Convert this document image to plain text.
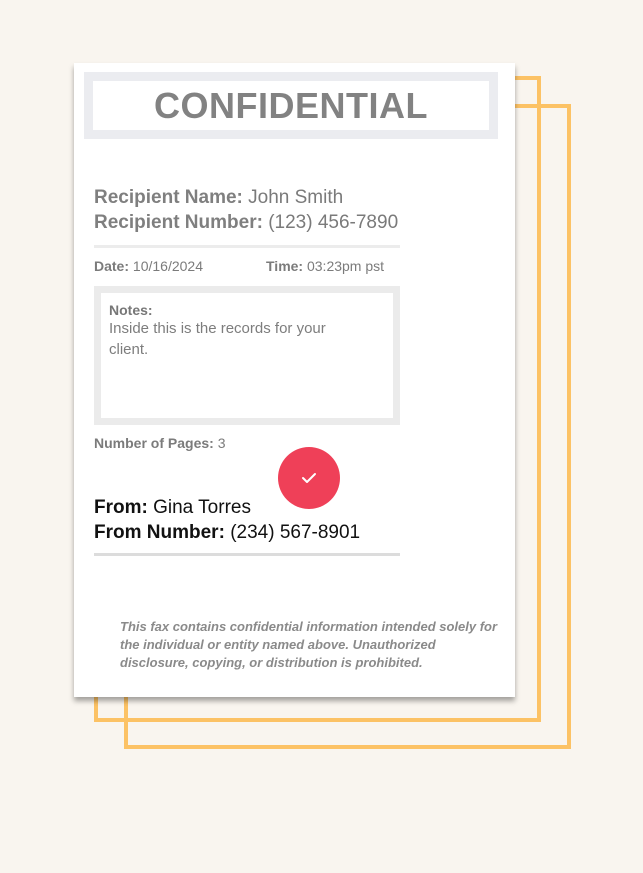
CONFIDENTIAL
Recipient Name: John Smith
Recipient Number: (123) 456-7890
Date: 10/16/2024	Time: 03:23pm pst
Notes:
Inside this is the records for your client.
Number of Pages: 3
From: Gina Torres
From Number: (234) 567-8901
This fax contains confidential information intended solely for the individual or entity named above. Unauthorized disclosure, copying, or distribution is prohibited.
